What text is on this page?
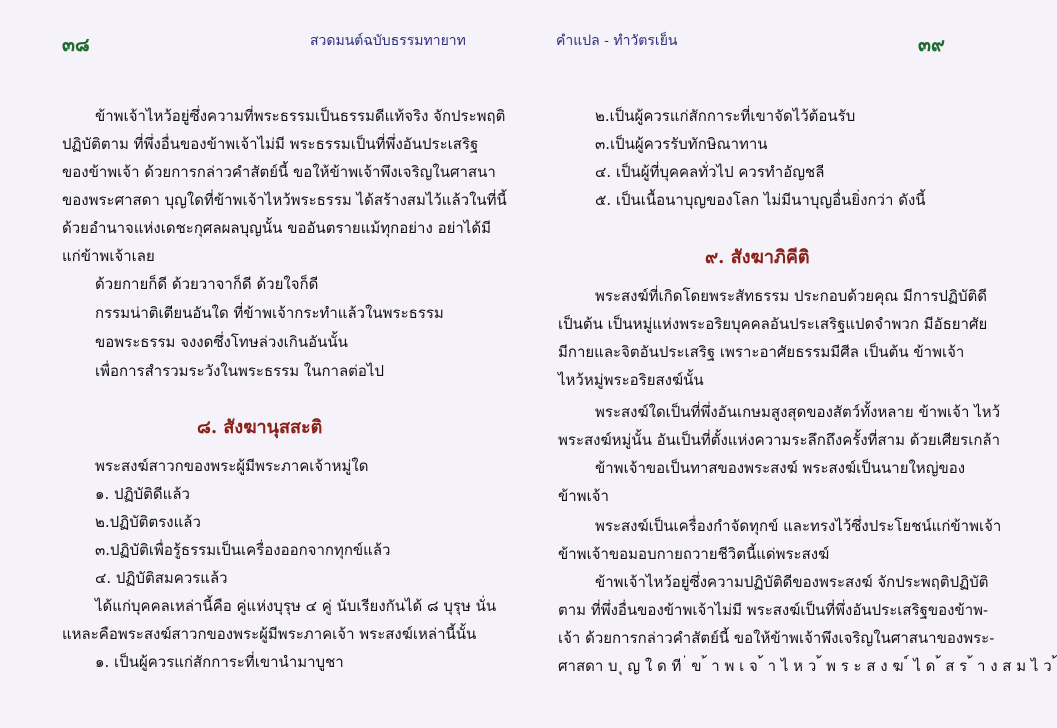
๓๘	สวดมนต์ฉบับธรรมทายาท
ข้าพเจ้าไหว้อยู่ซึ่งความที่พระธรรมเป็นธรรมดีแท้จริง จักประพฤติ
ปฏิบัติตาม ที่พึ่งอื่นของข้าพเจ้าไม่มี พระธรรมเป็นที่พึ่งอันประเสริฐ
ของข้าพเจ้า ด้วยการกล่าวคำสัตย์นี้ ขอให้ข้าพเจ้าพึงเจริญในศาสนา
ของพระศาสดา บุญใดที่ข้าพเจ้าไหว้พระธรรม ได้สร้างสมไว้แล้วในที่นี้
ด้วยอำนาจแห่งเดชะกุศลผลบุญนั้น ขออันตรายแม้ทุกอย่าง อย่าได้มี
แก่ข้าพเจ้าเลย
ด้วยกายก็ดี ด้วยวาจาก็ดี ด้วยใจก็ดี
กรรมน่าติเตียนอันใด ที่ข้าพเจ้ากระทำแล้วในพระธรรม
ขอพระธรรม จงงดซึ่งโทษล่วงเกินอันนั้น
เพื่อการสำรวมระวังในพระธรรม ในกาลต่อไป
๘. สังฆานุสสะติ
พระสงฆ์สาวกของพระผู้มีพระภาคเจ้าหมู่ใด
๑. ปฏิบัติดีแล้ว
๒.ปฏิบัติตรงแล้ว
๓.ปฏิบัติเพื่อรู้ธรรมเป็นเครื่องออกจากทุกข์แล้ว
๔. ปฏิบัติสมควรแล้ว
ได้แก่บุคคลเหล่านี้คือ คู่แห่งบุรุษ ๔ คู่ นับเรียงกันได้ ๘ บุรุษ นั่น
แหละคือพระสงฆ์สาวกของพระผู้มีพระภาคเจ้า พระสงฆ์เหล่านี้นั้น
๑. เป็นผู้ควรแก่สักการะที่เขานำมาบูชา
คำแปล - ทำวัตรเย็น	๓๙
๒.เป็นผู้ควรแก่สักการะที่เขาจัดไว้ต้อนรับ
๓.เป็นผู้ควรรับทักษิณาทาน
๔. เป็นผู้ที่บุคคลทั่วไป ควรทำอัญชลี
๕. เป็นเนื้อนาบุญของโลก ไม่มีนาบุญอื่นยิ่งกว่า ดังนี้
๙. สังฆาภิคีติ
พระสงฆ์ที่เกิดโดยพระสัทธรรม ประกอบด้วยคุณ มีการปฏิบัติดี
เป็นต้น เป็นหมู่แห่งพระอริยบุคคลอันประเสริฐแปดจำพวก มีอัธยาศัย
มีกายและจิตอันประเสริฐ เพราะอาศัยธรรมมีศีล เป็นต้น ข้าพเจ้า
ไหว้หมู่พระอริยสงฆ์นั้น
พระสงฆ์ใดเป็นที่พึ่งอันเกษมสูงสุดของสัตว์ทั้งหลาย ข้าพเจ้า ไหว้
พระสงฆ์หมู่นั้น อันเป็นที่ตั้งแห่งความระลึกถึงครั้งที่สาม ด้วยเศียรเกล้า
ข้าพเจ้าขอเป็นทาสของพระสงฆ์ พระสงฆ์เป็นนายใหญ่ของ
ข้าพเจ้า
พระสงฆ์เป็นเครื่องกำจัดทุกข์ และทรงไว้ซึ่งประโยชน์แก่ข้าพเจ้า
ข้าพเจ้าขอมอบกายถวายชีวิตนี้แด่พระสงฆ์
ข้าพเจ้าไหว้อยู่ซึ่งความปฏิบัติดีของพระสงฆ์ จักประพฤติปฏิบัติ
ตาม ที่พึ่งอื่นของข้าพเจ้าไม่มี พระสงฆ์เป็นที่พึ่งอันประเสริฐของข้าพ-
เจ้า ด้วยการกล่าวคำสัตย์นี้ ขอให้ข้าพเจ้าพึงเจริญในศาสนาของพระ-
ศาสดา บ ุ ญ ใ ด ที ่ ข ้ า พ เ จ ้ า ไ ห ว ้ พ ร ะ ส ง ฆ ์ ไ ด ้ ส ร ้ า ง ส ม ไ ว ้
